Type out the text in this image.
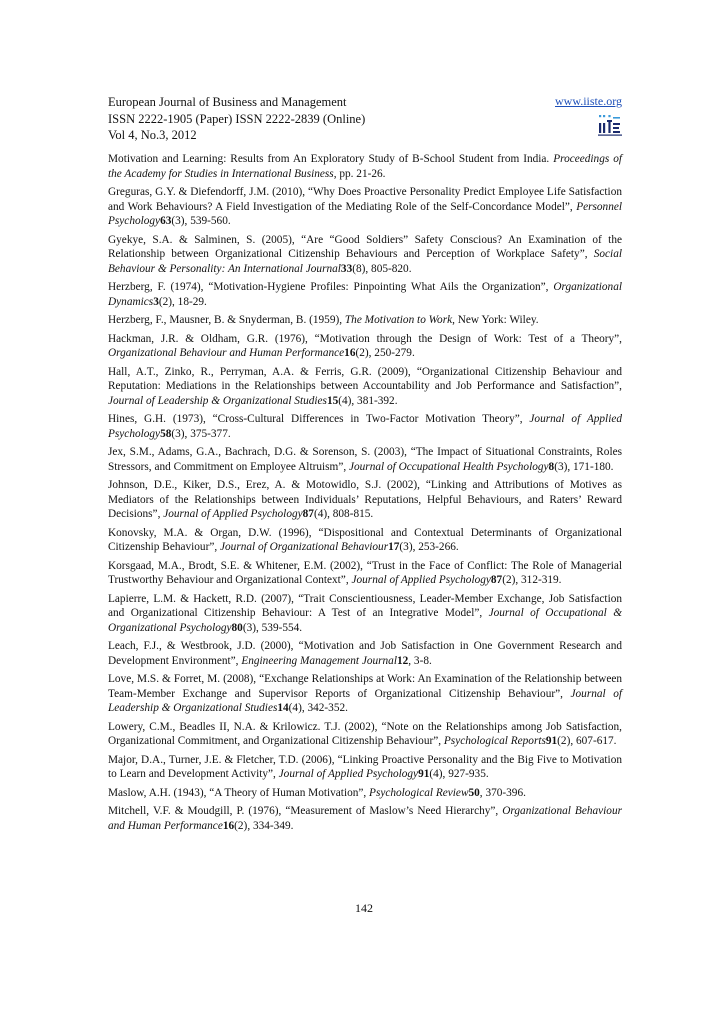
European Journal of Business and Management
ISSN 2222-1905 (Paper) ISSN 2222-2839 (Online)
Vol 4, No.3, 2012
www.iiste.org

Motivation and Learning: Results from An Exploratory Study of B-School Student from India. Proceedings of the Academy for Studies in International Business, pp. 21-26.

Greguras, G.Y. & Diefendorff, J.M. (2010), “Why Does Proactive Personality Predict Employee Life Satisfaction and Work Behaviours? A Field Investigation of the Mediating Role of the Self-Concordance Model”, Personnel Psychology63(3), 539-560.

Gyekye, S.A. & Salminen, S. (2005), “Are “Good Soldiers” Safety Conscious? An Examination of the Relationship between Organizational Citizenship Behaviours and Perception of Workplace Safety”, Social Behaviour & Personality: An International Journal33(8), 805-820.

Herzberg, F. (1974), “Motivation-Hygiene Profiles: Pinpointing What Ails the Organization”, Organizational Dynamics3(2), 18-29.

Herzberg, F., Mausner, B. & Snyderman, B. (1959), The Motivation to Work, New York: Wiley.

Hackman, J.R. & Oldham, G.R. (1976), “Motivation through the Design of Work: Test of a Theory”, Organizational Behaviour and Human Performance16(2), 250-279.

Hall, A.T., Zinko, R., Perryman, A.A. & Ferris, G.R. (2009), “Organizational Citizenship Behaviour and Reputation: Mediations in the Relationships between Accountability and Job Performance and Satisfaction”, Journal of Leadership & Organizational Studies15(4), 381-392.

Hines, G.H. (1973), “Cross-Cultural Differences in Two-Factor Motivation Theory”, Journal of Applied Psychology58(3), 375-377.

Jex, S.M., Adams, G.A., Bachrach, D.G. & Sorenson, S. (2003), “The Impact of Situational Constraints, Roles Stressors, and Commitment on Employee Altruism”, Journal of Occupational Health Psychology8(3), 171-180.

Johnson, D.E., Kiker, D.S., Erez, A. & Motowidlo, S.J. (2002), “Linking and Attributions of Motives as Mediators of the Relationships between Individuals’ Reputations, Helpful Behaviours, and Raters’ Reward Decisions”, Journal of Applied Psychology87(4), 808-815.

Konovsky, M.A. & Organ, D.W. (1996), “Dispositional and Contextual Determinants of Organizational Citizenship Behaviour”, Journal of Organizational Behaviour17(3), 253-266.

Korsgaad, M.A., Brodt, S.E. & Whitener, E.M. (2002), “Trust in the Face of Conflict: The Role of Managerial Trustworthy Behaviour and Organizational Context”, Journal of Applied Psychology87(2), 312-319.

Lapierre, L.M. & Hackett, R.D. (2007), “Trait Conscientiousness, Leader-Member Exchange, Job Satisfaction and Organizational Citizenship Behaviour: A Test of an Integrative Model”, Journal of Occupational & Organizational Psychology80(3), 539-554.

Leach, F.J., & Westbrook, J.D. (2000), “Motivation and Job Satisfaction in One Government Research and Development Environment”, Engineering Management Journal12, 3-8.

Love, M.S. & Forret, M. (2008), “Exchange Relationships at Work: An Examination of the Relationship between Team-Member Exchange and Supervisor Reports of Organizational Citizenship Behaviour”, Journal of Leadership & Organizational Studies14(4), 342-352.

Lowery, C.M., Beadles II, N.A. & Krilowicz. T.J. (2002), “Note on the Relationships among Job Satisfaction, Organizational Commitment, and Organizational Citizenship Behaviour”, Psychological Reports91(2), 607-617.

Major, D.A., Turner, J.E. & Fletcher, T.D. (2006), “Linking Proactive Personality and the Big Five to Motivation to Learn and Development Activity”, Journal of Applied Psychology91(4), 927-935.

Maslow, A.H. (1943), “A Theory of Human Motivation”, Psychological Review50, 370-396.

Mitchell, V.F. & Moudgill, P. (1976), “Measurement of Maslow’s Need Hierarchy”, Organizational Behaviour and Human Performance16(2), 334-349.

142
